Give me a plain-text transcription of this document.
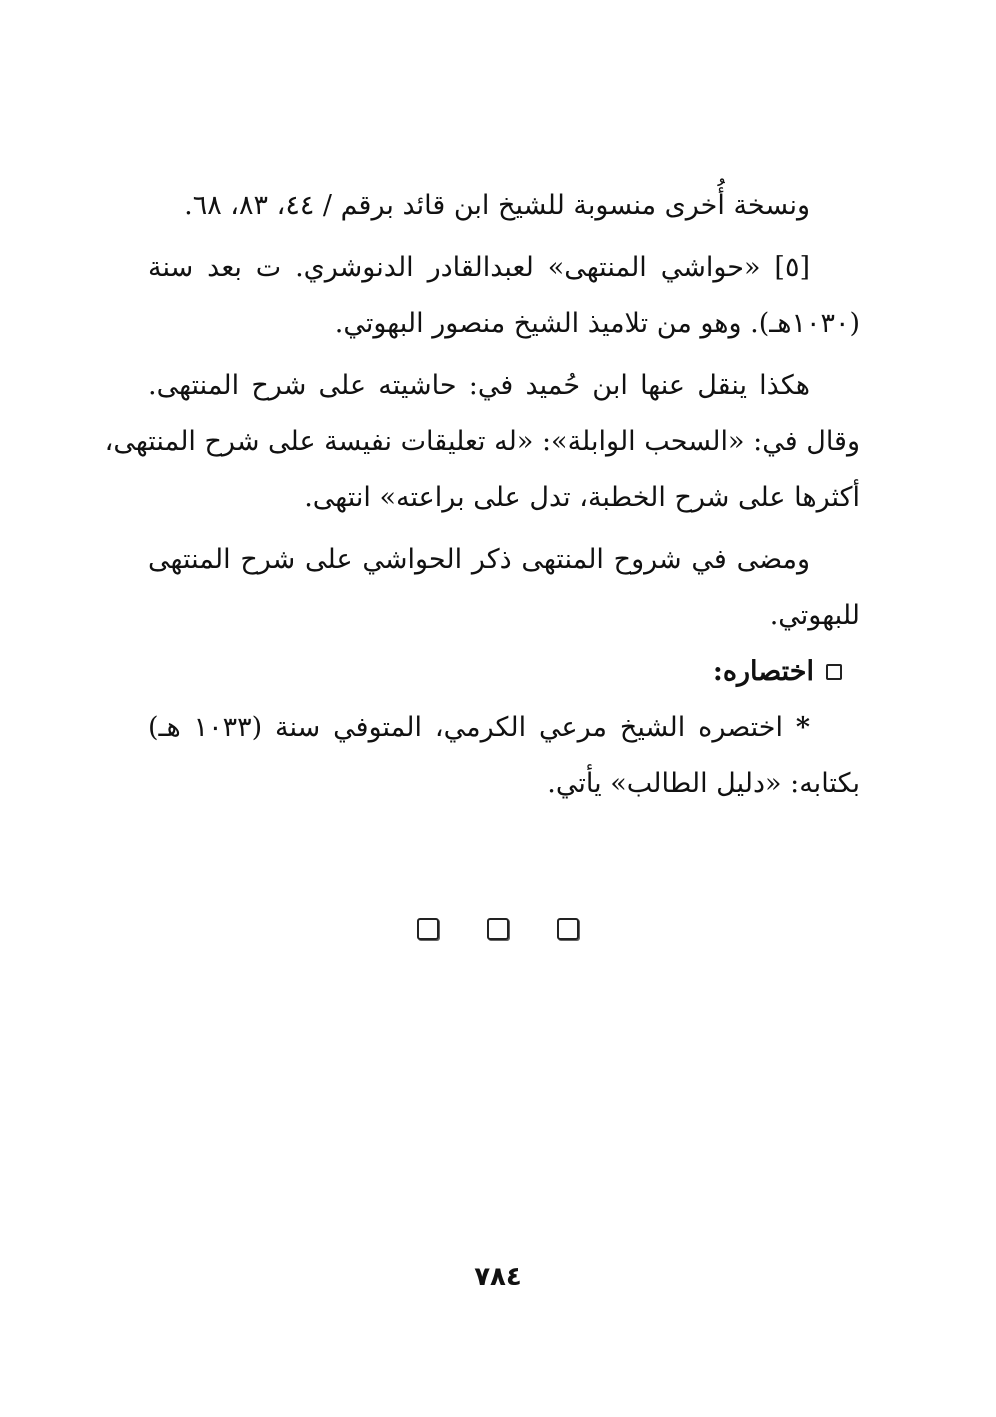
ونسخة أُخرى منسوبة للشيخ ابن قائد برقم / ٤٤، ٨٣، ٦٨.
[٥] «حواشي المنتهى» لعبدالقادر الدنوشري. ت بعد سنة
(١٠٣٠هـ). وهو من تلاميذ الشيخ منصور البهوتي.
هكذا ينقل عنها ابن حُميد في: حاشيته على شرح المنتهى.
وقال في: «السحب الوابلة»: «له تعليقات نفيسة على شرح المنتهى،
أكثرها على شرح الخطبة، تدل على براعته» انتهى.
ومضى في شروح المنتهى ذكر الحواشي على شرح المنتهى
للبهوتي.
اختصاره:
* اختصره الشيخ مرعي الكرمي، المتوفي سنة (١٠٣٣ هـ)
بكتابه: «دليل الطالب» يأتي.
٧٨٤
